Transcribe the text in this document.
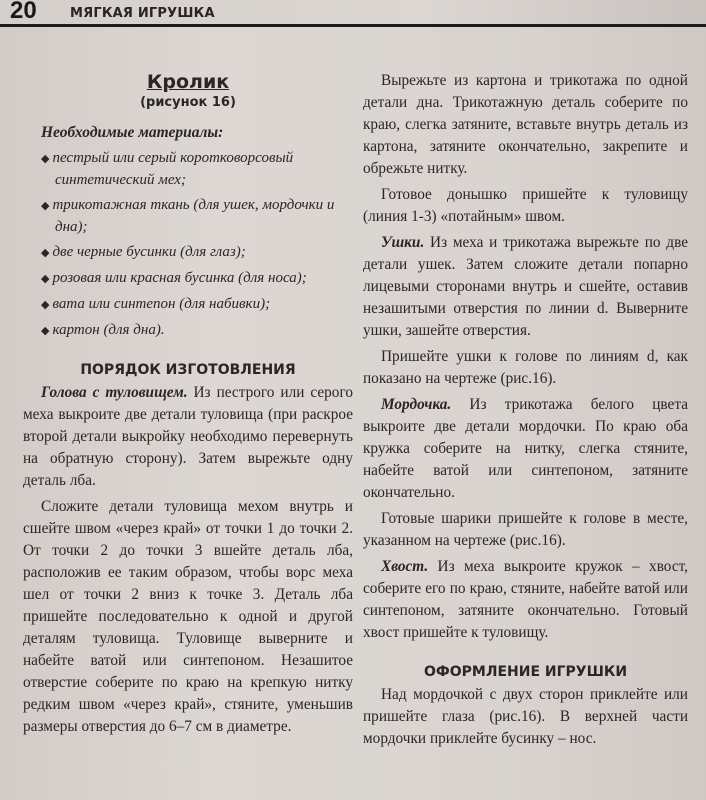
20	МЯГКАЯ ИГРУШКА
Кролик
(рисунок 16)
Необходимые материалы:
◆ пестрый или серый коротковорсовый синтетический мех;
◆ трикотажная ткань (для ушек, мордочки и дна);
◆ две черные бусинки (для глаз);
◆ розовая или красная бусинка (для носа);
◆ вата или синтепон (для набивки);
◆ картон (для дна).
ПОРЯДОК ИЗГОТОВЛЕНИЯ

Голова с туловищем. Из пестрого или серого меха выкроите две детали туловища (при раскрое второй детали выкройку необходимо перевернуть на обратную сторону). Затем вырежьте одну деталь лба.

Сложите детали туловища мехом внутрь и сшейте швом «через край» от точки 1 до точки 2. От точки 2 до точки 3 вшейте деталь лба, расположив ее таким образом, чтобы ворс меха шел от точки 2 вниз к точке 3. Деталь лба пришейте последовательно к одной и другой деталям туловища. Туловище выверните и набейте ватой или синтепоном. Незашитое отверстие соберите по краю на крепкую нитку редким швом «через край», стяните, уменьшив размеры отверстия до 6–7 см в диаметре.

Вырежьте из картона и трикотажа по одной детали дна. Трикотажную деталь соберите по краю, слегка затяните, вставьте внутрь деталь из картона, затяните окончательно, закрепите и обрежьте нитку.

Готовое донышко пришейте к туловищу (линия 1-3) «потайным» швом.

Ушки. Из меха и трикотажа вырежьте по две детали ушек. Затем сложите детали попарно лицевыми сторонами внутрь и сшейте, оставив незашитыми отверстия по линии d. Выверните ушки, зашейте отверстия.

Пришейте ушки к голове по линиям d, как показано на чертеже (рис.16).

Мордочка. Из трикотажа белого цвета выкроите две детали мордочки. По краю оба кружка соберите на нитку, слегка стяните, набейте ватой или синтепоном, затяните окончательно.

Готовые шарики пришейте к голове в месте, указанном на чертеже (рис.16).

Хвост. Из меха выкроите кружок – хвост, соберите его по краю, стяните, набейте ватой или синтепоном, затяните окончательно. Готовый хвост пришейте к туловищу.

ОФОРМЛЕНИЕ ИГРУШКИ

Над мордочкой с двух сторон приклейте или пришейте глаза (рис.16). В верхней части мордочки приклейте бусинку – нос.
